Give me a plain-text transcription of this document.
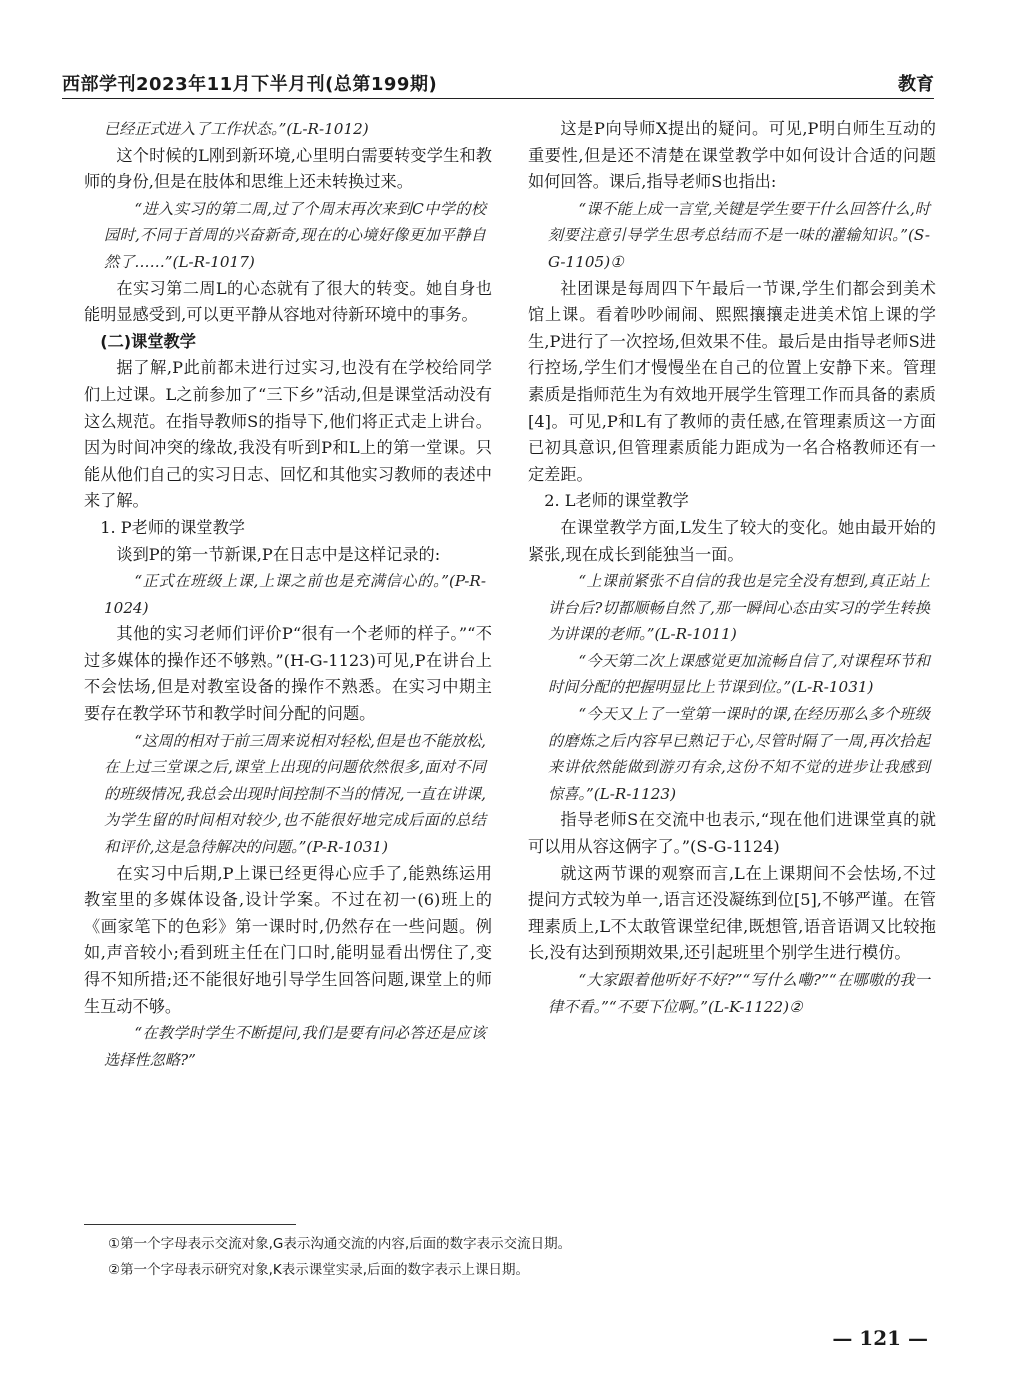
西部学刊2023年11月下半月刊(总第199期)	教育

已经正式进入了工作状态。”(L-R-1012)

这个时候的L刚到新环境,心里明白需要转变学生和教师的身份,但是在肢体和思维上还未转换过来。

“进入实习的第二周,过了个周末再次来到C中学的校园时,不同于首周的兴奋新奇,现在的心境好像更加平静自然了……”(L-R-1017)

在实习第二周L的心态就有了很大的转变。她自身也能明显感受到,可以更平静从容地对待新环境中的事务。

(二)课堂教学

据了解,P此前都未进行过实习,也没有在学校给同学们上过课。L之前参加了“三下乡”活动,但是课堂活动没有这么规范。在指导教师S的指导下,他们将正式走上讲台。因为时间冲突的缘故,我没有听到P和L上的第一堂课。只能从他们自己的实习日志、回忆和其他实习教师的表述中来了解。

1. P老师的课堂教学

谈到P的第一节新课,P在日志中是这样记录的:

“正式在班级上课,上课之前也是充满信心的。”(P-R-1024)

其他的实习老师们评价P“很有一个老师的样子。”“不过多媒体的操作还不够熟。”(H-G-1123)可见,P在讲台上不会怯场,但是对教室设备的操作不熟悉。在实习中期主要存在教学环节和教学时间分配的问题。

“这周的相对于前三周来说相对轻松,但是也不能放松,在上过三堂课之后,课堂上出现的问题依然很多,面对不同的班级情况,我总会出现时间控制不当的情况,一直在讲课,为学生留的时间相对较少,也不能很好地完成后面的总结和评价,这是急待解决的问题。”(P-R-1031)

在实习中后期,P上课已经更得心应手了,能熟练运用教室里的多媒体设备,设计学案。不过在初一(6)班上的《画家笔下的色彩》第一课时时,仍然存在一些问题。例如,声音较小;看到班主任在门口时,能明显看出愣住了,变得不知所措;还不能很好地引导学生回答问题,课堂上的师生互动不够。

“在教学时学生不断提问,我们是要有问必答还是应该选择性忽略?”

这是P向导师X提出的疑问。可见,P明白师生互动的重要性,但是还不清楚在课堂教学中如何设计合适的问题如何回答。课后,指导老师S也指出:

“课不能上成一言堂,关键是学生要干什么回答什么,时刻要注意引导学生思考总结而不是一味的灌输知识。”(S-G-1105)①

社团课是每周四下午最后一节课,学生们都会到美术馆上课。看着吵吵闹闹、熙熙攘攘走进美术馆上课的学生,P进行了一次控场,但效果不佳。最后是由指导老师S进行控场,学生们才慢慢坐在自己的位置上安静下来。管理素质是指师范生为有效地开展学生管理工作而具备的素质[4]。可见,P和L有了教师的责任感,在管理素质这一方面已初具意识,但管理素质能力距成为一名合格教师还有一定差距。

2. L老师的课堂教学

在课堂教学方面,L发生了较大的变化。她由最开始的紧张,现在成长到能独当一面。

“上课前紧张不自信的我也是完全没有想到,真正站上讲台后?切都顺畅自然了,那一瞬间心态由实习的学生转换为讲课的老师。”(L-R-1011)

“今天第二次上课感觉更加流畅自信了,对课程环节和时间分配的把握明显比上节课到位。”(L-R-1031)

“今天又上了一堂第一课时的课,在经历那么多个班级的磨炼之后内容早已熟记于心,尽管时隔了一周,再次拾起来讲依然能做到游刃有余,这份不知不觉的进步让我感到惊喜。”(L-R-1123)

指导老师S在交流中也表示,“现在他们进课堂真的就可以用从容这俩字了。”(S-G-1124)

就这两节课的观察而言,L在上课期间不会怯场,不过提问方式较为单一,语言还没凝练到位[5],不够严谨。在管理素质上,L不太敢管课堂纪律,既想管,语音语调又比较拖长,没有达到预期效果,还引起班里个别学生进行模仿。

“大家跟着他听好不好?”“写什么嘞?”“在哪嗷的我一律不看。”“不要下位啊。”(L-K-1122)②

①第一个字母表示交流对象,G表示沟通交流的内容,后面的数字表示交流日期。
②第一个字母表示研究对象,K表示课堂实录,后面的数字表示上课日期。
— 121 —
